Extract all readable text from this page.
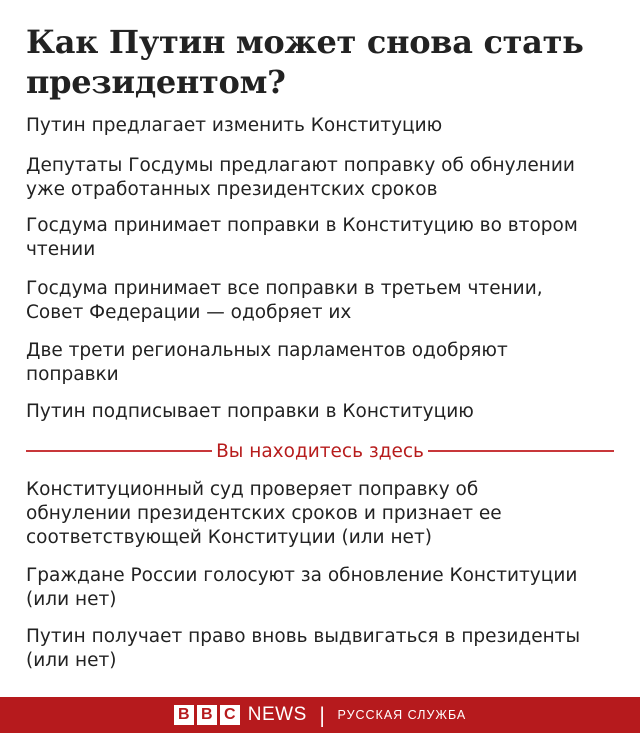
Как Путин может снова стать президентом?
Путин предлагает изменить Конституцию
Депутаты Госдумы предлагают поправку об обнулении уже отработанных президентских сроков
Госдума принимает поправки в Конституцию во втором чтении
Госдума принимает все поправки в третьем чтении, Совет Федерации — одобряет их
Две трети региональных парламентов одобряют поправки
Путин подписывает поправки в Конституцию
Вы находитесь здесь
Конституционный суд проверяет поправку об обнулении президентских сроков и признает ее соответствующей Конституции (или нет)
Граждане России голосуют за обновление Конституции (или нет)
Путин получает право вновь выдвигаться в президенты (или нет)
B B C NEWS | РУССКАЯ СЛУЖБА
